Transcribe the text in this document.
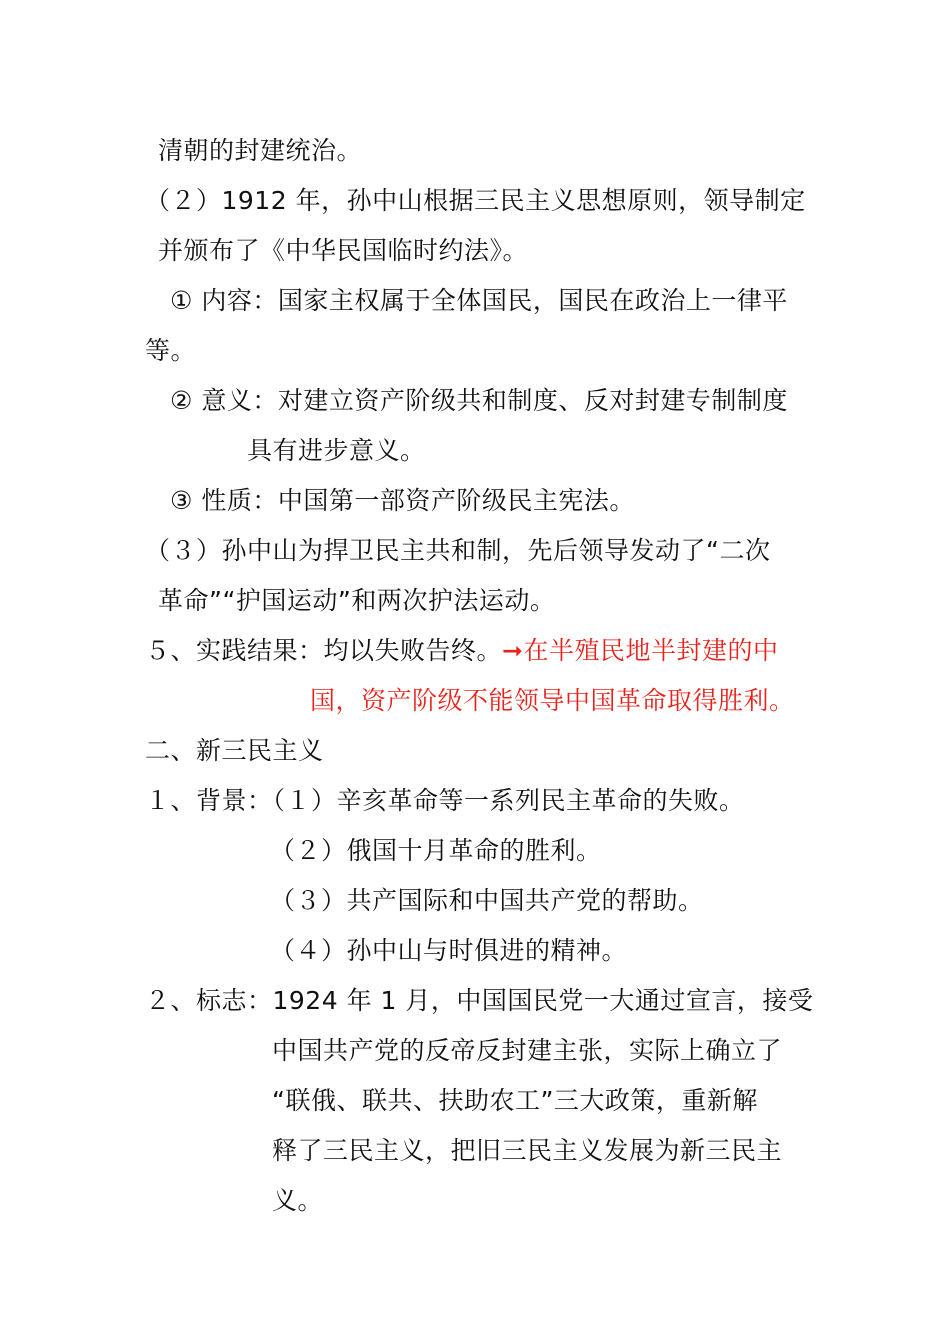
清朝的封建统治。
（２）1912 年，孙中山根据三民主义思想原则，领导制定
并颁布了《中华民国临时约法》。
① 内容：国家主权属于全体国民，国民在政治上一律平
等。
② 意义：对建立资产阶级共和制度、反对封建专制制度
具有进步意义。
③ 性质：中国第一部资产阶级民主宪法。
（３）孙中山为捍卫民主共和制，先后领导发动了“二次
革命”“护国运动”和两次护法运动。
５、实践结果：均以失败告终。➞在半殖民地半封建的中
国，资产阶级不能领导中国革命取得胜利。
二、新三民主义
１、背景：（１）辛亥革命等一系列民主革命的失败。
（２）俄国十月革命的胜利。
（３）共产国际和中国共产党的帮助。
（４）孙中山与时俱进的精神。
２、标志：1924 年 1 月，中国国民党一大通过宣言，接受
中国共产党的反帝反封建主张，实际上确立了
“联俄、联共、扶助农工”三大政策，重新解
释了三民主义，把旧三民主义发展为新三民主
义。
